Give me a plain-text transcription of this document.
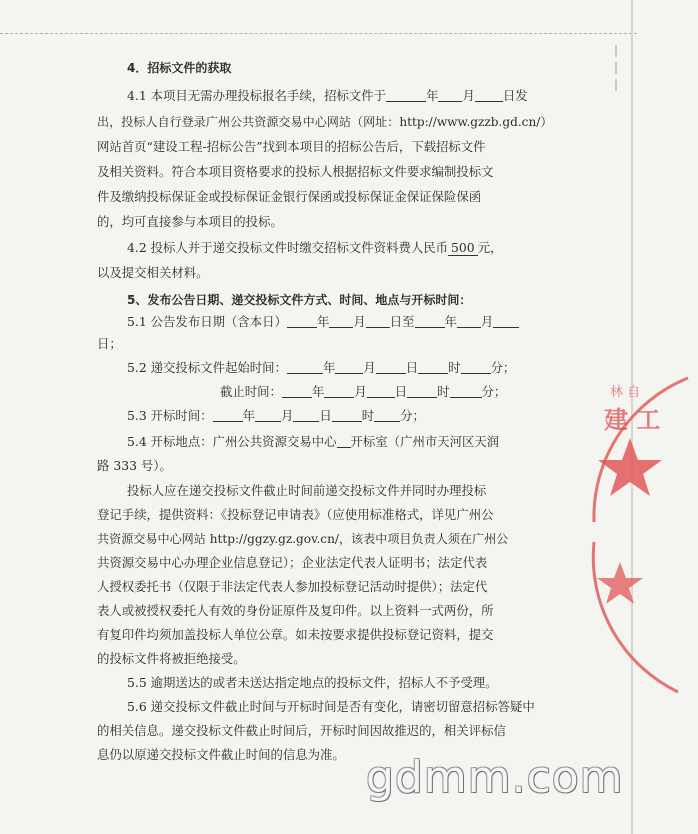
4．招标文件的获取
4.1 本项目无需办理投标报名手续，招标文件于	年 月 日发
出，投标人自行登录广州公共资源交易中心网站（网址：http://www.gzzb.gd.cn/）
网站首页“建设工程-招标公告”找到本项目的招标公告后，下载招标文件
及相关资料。符合本项目资格要求的投标人根据招标文件要求编制投标文
件及缴纳投标保证金或投标保证金银行保函或投标保证金保证保险保函
的，均可直接参与本项目的投标。
4.2 投标人并于递交投标文件时缴交招标文件资料费人民币 500 元，
以及提交相关材料。
5、发布公告日期、递交投标文件方式、时间、地点与开标时间：
5.1 公告发布日期（含本日） 年 月 日至 年 月
日；
5.2 递交投标文件起始时间：	年 月 日 时 分；
截止时间： 年 月 日 时	分；
5.3 开标时间： 年 月 日 时 分；
5.4 开标地点：广州公共资源交易中心 开标室（广州市天河区天润
路 333 号）。
投标人应在递交投标文件截止时间前递交投标文件并同时办理投标
登记手续，提供资料：《投标登记申请表》（应使用标准格式，详见广州公
共资源交易中心网站 http://ggzy.gz.gov.cn/，该表中项目负责人须在广州公
共资源交易中心办理企业信息登记）；企业法定代表人证明书；法定代表
人授权委托书（仅限于非法定代表人参加投标登记活动时提供）；法定代
表人或被授权委托人有效的身份证原件及复印件。以上资料一式两份，所
有复印件均须加盖投标人单位公章。如未按要求提供投标登记资料，提交
的投标文件将被拒绝接受。
5.5 逾期送达的或者未送达指定地点的投标文件，招标人不予受理。
5.6 递交投标文件截止时间与开标时间是否有变化，请密切留意招标答疑中
的相关信息。递交投标文件截止时间后，开标时间因故推迟的，相关评标信
息仍以原递交投标文件截止时间的信息为准。
林 自
建 工
gdmm.com
